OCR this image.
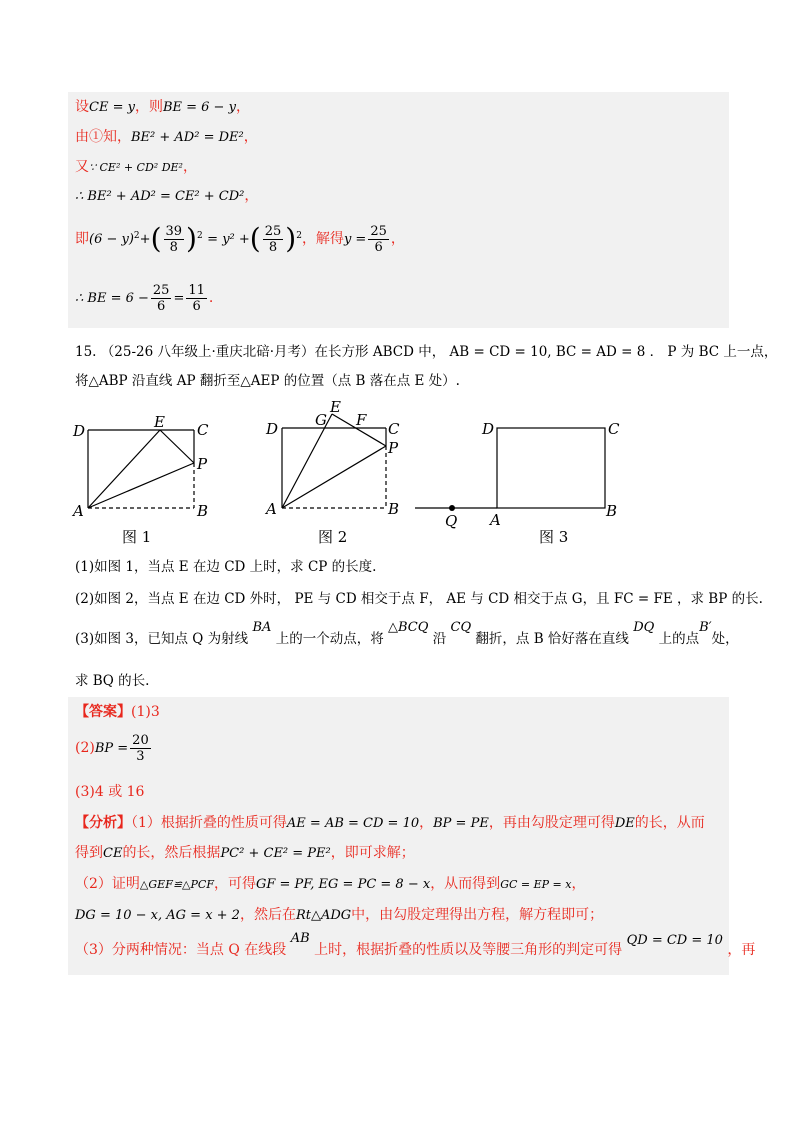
设CE = y，则BE = 6 − y，
由①知，BE² + AD² = DE²，
又∵ CE² + CD² DE²，
∴ BE² + AD² = CE² + CD²，
即$(6 - y)^2+( \frac{39}{8} )^2 = y^2$ +( $\frac{25}{8} )^2$，解得$y = \frac{25}{6}$ ，
∴ BE = $6 - \frac{25}{6} = \frac{11}{6}$ .
15. （25-26 八年级上·重庆北碚·月考）在长方形 ABCD 中， AB = CD = 10, BC = AD = 8 ． P 为 BC 上一点，
将△ABP 沿直线 AP 翻折至△AEP 的位置（点 B 落在点 E 处）.
D	E C
P
A	B
图 1
D G
E
F C
P
A	B
图 2
D	C
Q A	B
图 3
(1)如图 1，当点 E 在边 CD 上时，求 CP 的长度.
(2)如图 2，当点 E 在边 CD 外时， PE 与 CD 相交于点 F， AE 与 CD 相交于点 G，且 FC = FE ，求 BP 的长.
(3)如图 3，已知点 Q 为射线 BA 上的一个动点，将 △BCQ 沿 CQ 翻折，点 B 恰好落在直线 DQ 上的点B′处，
求 BQ 的长.
【答案】(1)3
$(2)BP = \frac{20}{3}$
(3)4 或 16
【分析】（1）根据折叠的性质可得AE = AB = CD = 10，BP = PE，再由勾股定理可得DE的长，从而
得到CE的长，然后根据PC² + CE² = PE²，即可求解；
（2）证明△GEF≌△PCF，可得GF = PF, EG = PC = 8 − x，从而得到GC = EP = x，
DG = 10 − x, AG = x + 2，然后在Rt△ADG中，由勾股定理得出方程，解方程即可；
（3）分两种情况：当点 Q 在线段 AB 上时，根据折叠的性质以及等腰三角形的判定可得 QD = CD = 10 ，再
